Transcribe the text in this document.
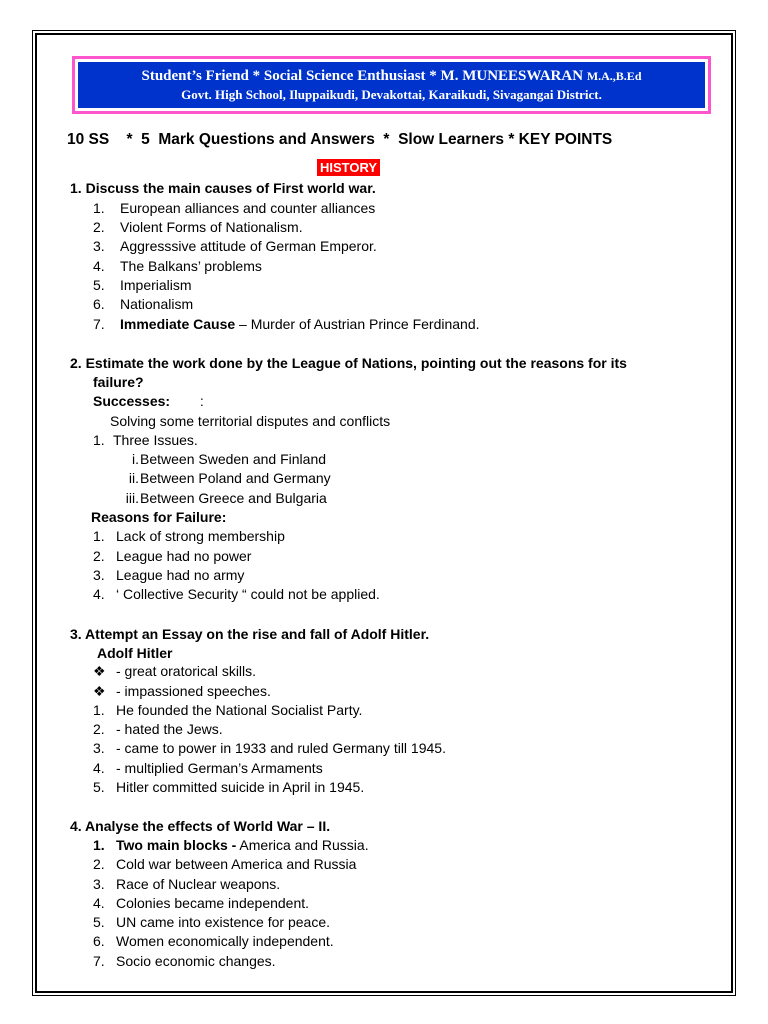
Student’s Friend * Social Science Enthusiast * M. MUNEESWARAN M.A.,B.Ed
Govt. High School, Iluppaikudi, Devakottai, Karaikudi, Sivagangai District.
10 SS    *  5  Mark Questions and Answers  *  Slow Learners * KEY POINTS
HISTORY
1. Discuss the main causes of First world war.
1. European alliances and counter alliances
2. Violent Forms of Nationalism.
3. Aggresssive attitude of German Emperor.
4. The Balkans’ problems
5. Imperialism
6. Nationalism
7. Immediate Cause – Murder of Austrian Prince Ferdinand.
2. Estimate the work done by the League of Nations, pointing out the reasons for its
failure?
Successes: :
Solving some territorial disputes and conflicts
1. Three Issues.
i.Between Sweden and Finland
ii.Between Poland and Germany
iii.Between Greece and Bulgaria
Reasons for Failure:
1. Lack of strong membership
2. League had no power
3. League had no army
4. ‘ Collective Security “ could not be applied.
3. Attempt an Essay on the rise and fall of Adolf Hitler.
Adolf Hitler
❖ - great oratorical skills.
❖ - impassioned speeches.
1. He founded the National Socialist Party.
2. - hated the Jews.
3. - came to power in 1933 and ruled Germany till 1945.
4. - multiplied German’s Armaments
5. Hitler committed suicide in April in 1945.
4. Analyse the effects of World War – II.
1. Two main blocks - America and Russia.
2. Cold war between America and Russia
3. Race of Nuclear weapons.
4. Colonies became independent.
5. UN came into existence for peace.
6. Women economically independent.
7. Socio economic changes.
